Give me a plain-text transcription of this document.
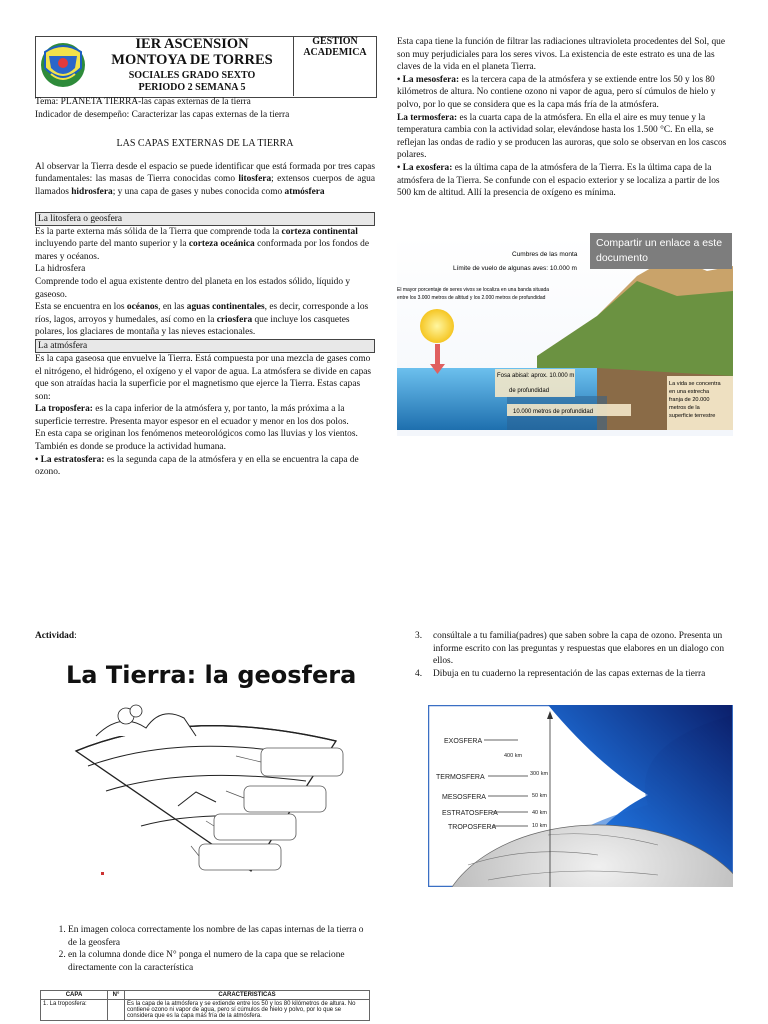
IER ASCENSION
MONTOYA DE TORRES
SOCIALES GRADO SEXTO
PERIODO 2 SEMANA 5
GESTION
ACADEMICA

Tema: PLANETA TIERRA-las capas externas de la tierra

Indicador de desempeño: Caracterizar las capas externas de la tierra

LAS CAPAS EXTERNAS DE LA TIERRA

Al observar la Tierra desde el espacio se puede identificar que está formada por tres capas fundamentales: las masas de Tierra conocidas como litosfera; extensos cuerpos de agua llamados hidrosfera; y una capa de gases y nubes conocida como atmósfera

La litosfera o geosfera

Es la parte externa más sólida de la Tierra que comprende toda la corteza continental incluyendo parte del manto superior y la corteza oceánica conformada por los fondos de mares y océanos.

La hidrosfera

Comprende todo el agua existente dentro del planeta en los estados sólido, líquido y gaseoso.

Esta se encuentra en los océanos, en las aguas continentales, es decir, corresponde a los ríos, lagos, arroyos y humedales, así como en la criosfera que incluye los casquetes polares, los glaciares de montaña y las nieves estacionales.

La atmósfera

Es la capa gaseosa que envuelve la Tierra. Está compuesta por una mezcla de gases como el nitrógeno, el hidrógeno, el oxígeno y el vapor de agua. La atmósfera se divide en capas que son atraídas hacia la superficie por el magnetismo que ejerce la Tierra. Estas capas son:

La troposfera: es la capa inferior de la atmósfera y, por tanto, la más próxima a la superficie terrestre. Presenta mayor espesor en el ecuador y menor en los dos polos.

En esta capa se originan los fenómenos meteorológicos como las lluvias y los vientos. También es donde se produce la actividad humana.

• La estratosfera: es la segunda capa de la atmósfera y en ella se encuentra la capa de ozono.

Esta capa tiene la función de filtrar las radiaciones ultravioleta procedentes del Sol, que son muy perjudiciales para los seres vivos. La existencia de este estrato es una de las claves de la vida en el planeta Tierra.

• La mesosfera: es la tercera capa de la atmósfera y se extiende entre los 50 y los 80 kilómetros de altura. No contiene ozono ni vapor de agua, pero sí cúmulos de hielo y polvo, por lo que se considera que es la capa más fría de la atmósfera.

La termosfera: es la cuarta capa de la atmósfera. En ella el aire es muy tenue y la temperatura cambia con la actividad solar, elevándose hasta los 1.500 °C. En ella, se reflejan las ondas de radio y se producen las auroras, que solo se observan en los cascos polares.

• La exosfera: es la última capa de la atmósfera de la Tierra. Es la última capa de la atmósfera de la Tierra. Se confunde con el espacio exterior y se localiza a partir de los 500 km de altitud. Allí la presencia de oxígeno es mínima.

Cumbres de las monta
Límite de vuelo de algunas aves: 10.000 m
El mayor porcentaje de seres vivos se localiza en una banda situada entre los 3.000 metros de altitud y los 2.000 metros de profundidad
Fosa abisal: aprox. 10.000 m
de profundidad
10.000 metros de profundidad
La vida se concentra en una estrecha franja de 20.000 metros de la superficie terrestre
Compartir un enlace a este documento
Actividad:
La Tierra: la geosfera
1. En imagen coloca correctamente los nombre de las capas internas de la tierra o de la geosfera
2. en la columna donde dice N° ponga el numero de la capa que se relacione directamente con la característica
CAPA	N°	CARACTERISTICAS
1. La troposfera:		Es la capa de la atmósfera y se extiende entre los 50 y los 80 kilómetros de altura. No contiene ozono ni vapor de agua, pero sí cúmulos de hielo y polvo, por lo que se considera que es la capa más fría de la atmósfera.
3.	consúltale a tu familia(padres) que saben sobre la capa de ozono. Presenta un informe escrito con las preguntas y respuestas que elabores en un dialogo con ellos.
4.	Dibuja en tu cuaderno la representación de las capas externas de la tierra
EXOSFERA
400 km
TERMOSFERA	300 km
MESOSFERA	50 km
ESTRATOSFERA	40 km
TROPOSFERA	10 km
